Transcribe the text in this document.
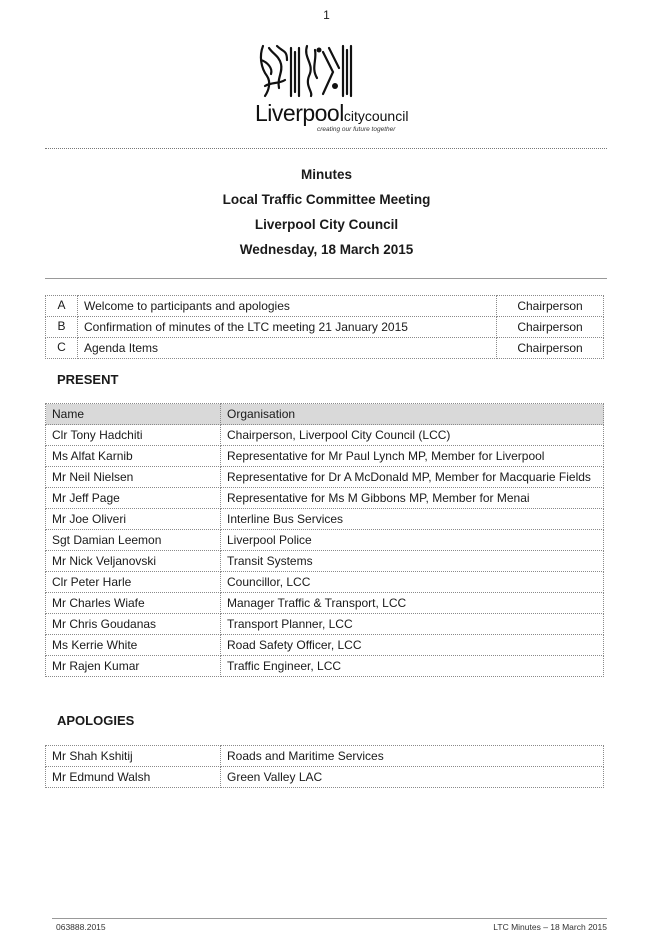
1
Liverpoolcitycouncil
creating our future together
Minutes
Local Traffic Committee Meeting
Liverpool City Council
Wednesday, 18 March 2015
A	Welcome to participants and apologies	Chairperson
B	Confirmation of minutes of the LTC meeting 21 January 2015	Chairperson
C	Agenda Items	Chairperson
PRESENT
Name	Organisation
Clr Tony Hadchiti	Chairperson, Liverpool City Council (LCC)
Ms Alfat Karnib	Representative for Mr Paul Lynch MP, Member for Liverpool
Mr Neil Nielsen	Representative for Dr A McDonald MP, Member for Macquarie Fields
Mr Jeff Page	Representative for Ms M Gibbons MP, Member for Menai
Mr Joe Oliveri	Interline Bus Services
Sgt Damian Leemon	Liverpool Police
Mr Nick Veljanovski	Transit Systems
Clr Peter Harle	Councillor, LCC
Mr Charles Wiafe	Manager Traffic & Transport, LCC
Mr Chris Goudanas	Transport Planner, LCC
Ms Kerrie White	Road Safety Officer, LCC
Mr Rajen Kumar	Traffic Engineer, LCC
APOLOGIES
Mr Shah Kshitij	Roads and Maritime Services
Mr Edmund Walsh	Green Valley LAC
063888.2015	LTC Minutes – 18 March 2015
